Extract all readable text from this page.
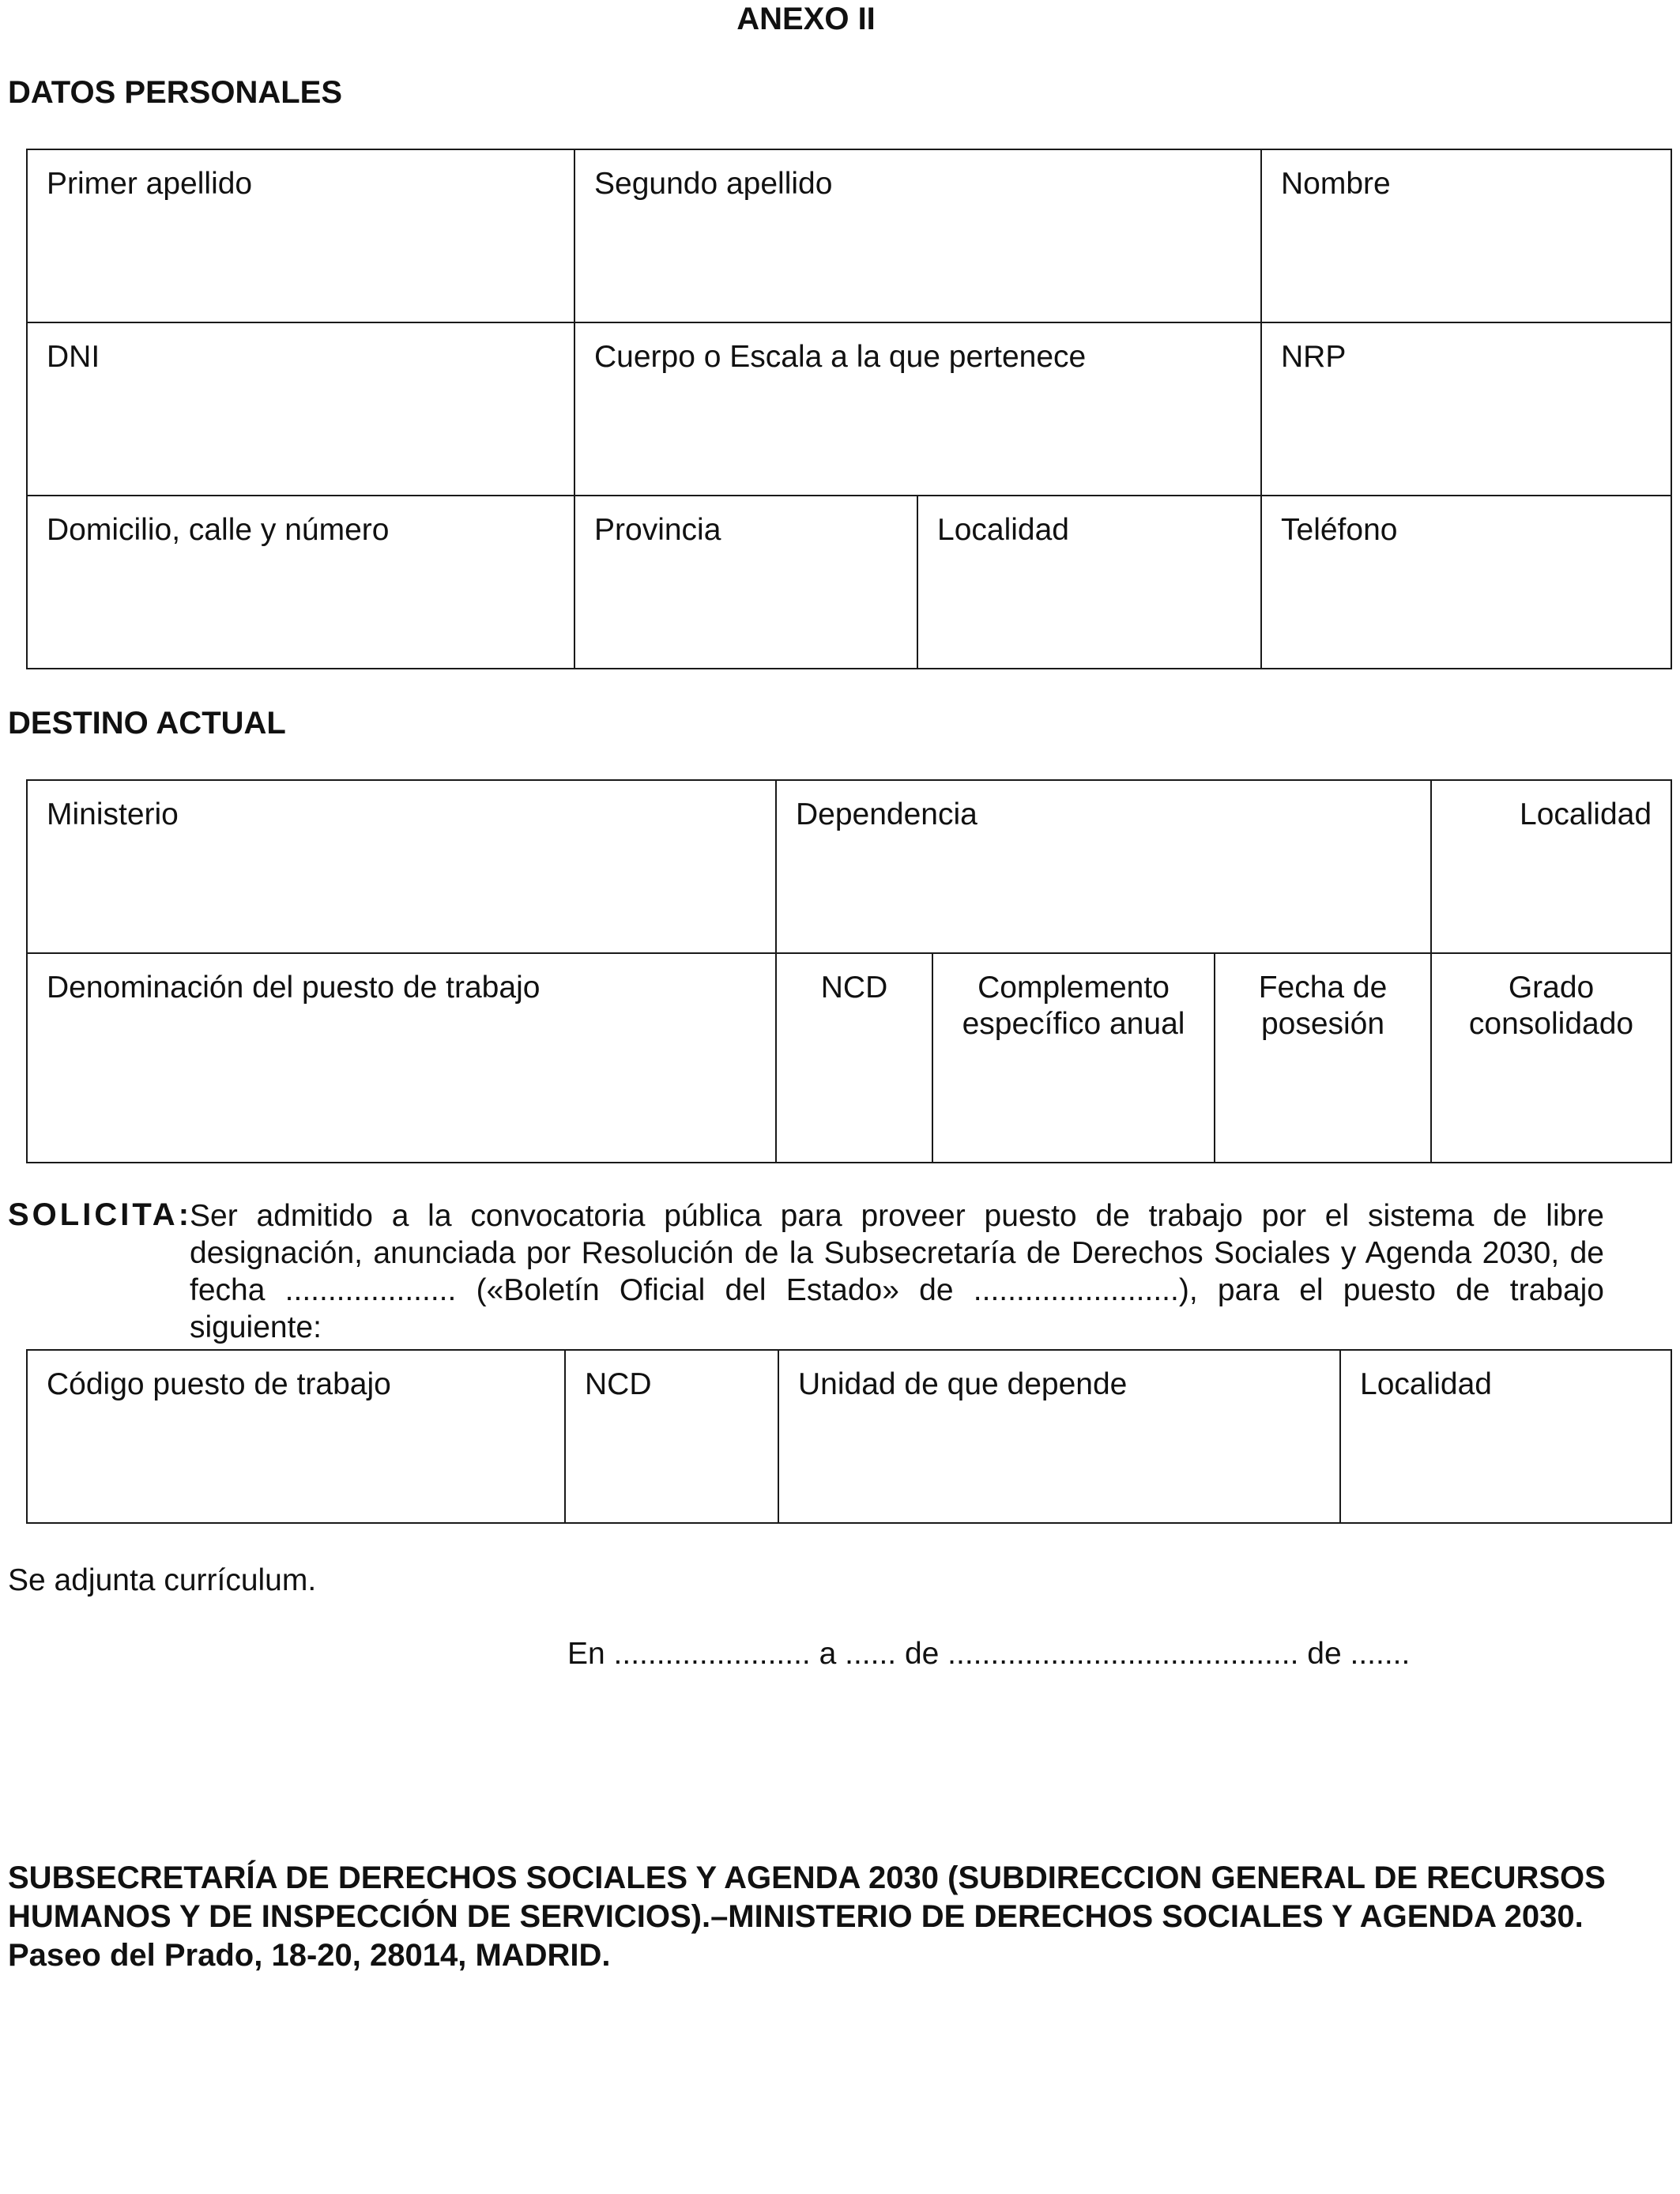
ANEXO II
DATOS PERSONALES
Primer apellido	Segundo apellido		Nombre
DNI	Cuerpo o Escala a la que pertenece		NRP
Domicilio, calle y número	Provincia	Localidad	Teléfono
DESTINO ACTUAL
Ministerio	Dependencia			Localidad
Denominación del puesto de trabajo	NCD	Complemento específico anual	Fecha de posesión	Grado consolidado
SOLICITA:
Ser admitido a la convocatoria pública para proveer puesto de trabajo por el sistema de libre
designación, anunciada por Resolución de la Subsecretaría de Derechos Sociales y Agenda 2030, de
fecha .................... («Boletín Oficial del Estado» de ........................), para el puesto de trabajo siguiente:
Código puesto de trabajo	NCD	Unidad de que depende	Localidad
Se adjunta currículum.
En ....................... a ...... de ......................................... de .......
SUBSECRETARÍA DE DERECHOS SOCIALES Y AGENDA 2030 (SUBDIRECCION GENERAL DE RECURSOS
HUMANOS Y DE INSPECCIÓN DE SERVICIOS).–MINISTERIO DE DERECHOS SOCIALES Y AGENDA 2030.
Paseo del Prado, 18-20, 28014, MADRID.
